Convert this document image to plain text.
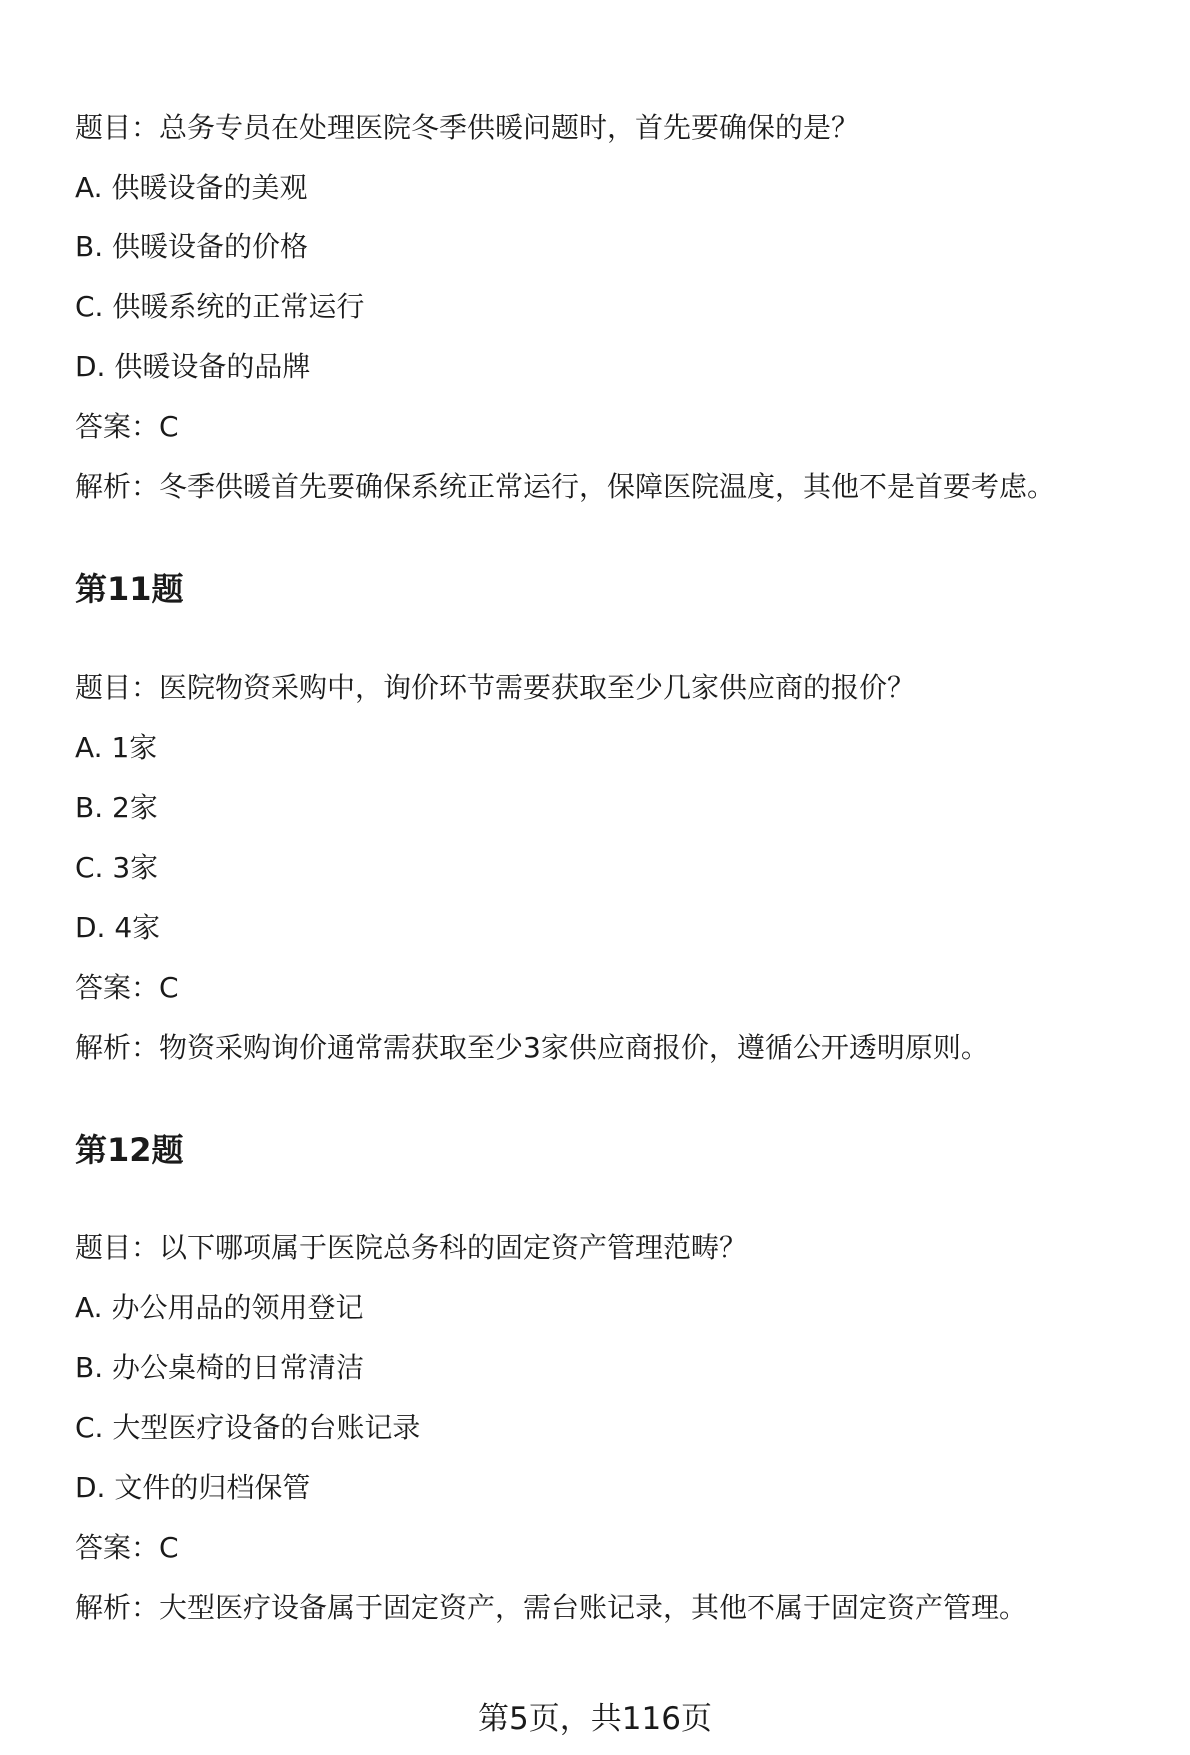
题目：总务专员在处理医院冬季供暖问题时，首先要确保的是？
A. 供暖设备的美观
B. 供暖设备的价格
C. 供暖系统的正常运行
D. 供暖设备的品牌
答案：C
解析：冬季供暖首先要确保系统正常运行，保障医院温度，其他不是首要考虑。
第11题
题目：医院物资采购中，询价环节需要获取至少几家供应商的报价？
A. 1家
B. 2家
C. 3家
D. 4家
答案：C
解析：物资采购询价通常需获取至少3家供应商报价，遵循公开透明原则。
第12题
题目：以下哪项属于医院总务科的固定资产管理范畴？
A. 办公用品的领用登记
B. 办公桌椅的日常清洁
C. 大型医疗设备的台账记录
D. 文件的归档保管
答案：C
解析：大型医疗设备属于固定资产，需台账记录，其他不属于固定资产管理。
第5页，共116页
